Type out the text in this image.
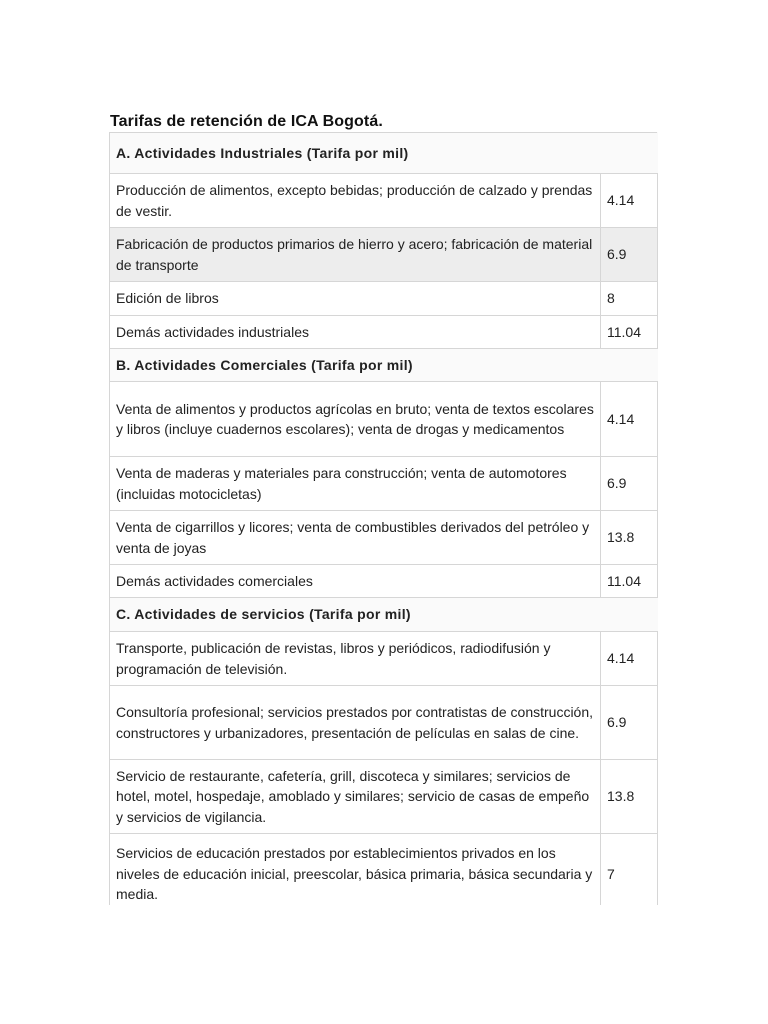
Tarifas de retención de ICA Bogotá.
A. Actividades Industriales (Tarifa por mil)	
Producción de alimentos, excepto bebidas; producción de calzado y prendas de vestir.	4.14
Fabricación de productos primarios de hierro y acero; fabricación de material de transporte	6.9
Edición de libros	8
Demás actividades industriales	11.04
B. Actividades Comerciales (Tarifa por mil)	
Venta de alimentos y productos agrícolas en bruto; venta de textos escolares y libros (incluye cuadernos escolares); venta de drogas y medicamentos	4.14
Venta de maderas y materiales para construcción; venta de automotores (incluidas motocicletas)	6.9
Venta de cigarrillos y licores; venta de combustibles derivados del petróleo y venta de joyas	13.8
Demás actividades comerciales	11.04
C. Actividades de servicios (Tarifa por mil)	
Transporte, publicación de revistas, libros y periódicos, radiodifusión y programación de televisión.	4.14
Consultoría profesional; servicios prestados por contratistas de construcción, constructores y urbanizadores, presentación de películas en salas de cine.	6.9
Servicio de restaurante, cafetería, grill, discoteca y similares; servicios de hotel, motel, hospedaje, amoblado y similares; servicio de casas de empeño y servicios de vigilancia.	13.8
Servicios de educación prestados por establecimientos privados en los niveles de educación inicial, preescolar, básica primaria, básica secundaria y media.	7
